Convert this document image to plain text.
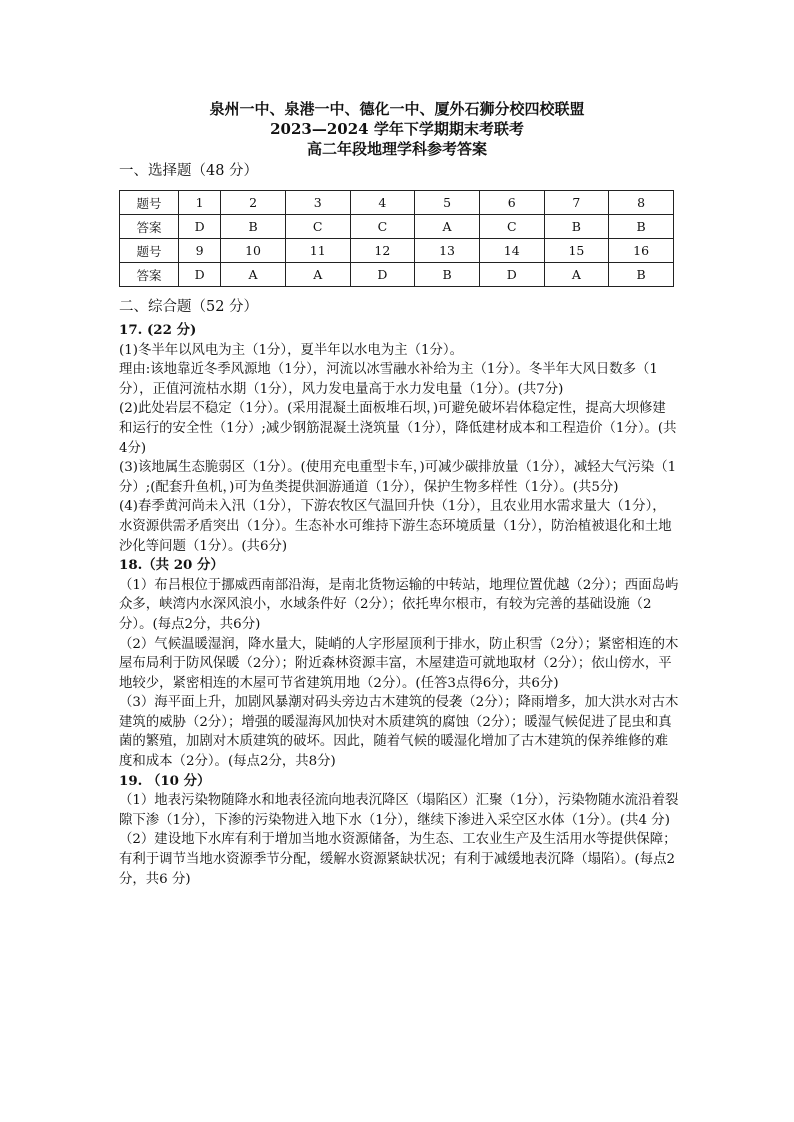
泉州一中、泉港一中、德化一中、厦外石狮分校四校联盟
2023—2024 学年下学期期末考联考
高二年段地理学科参考答案
一、选择题（48 分）
题号	1	2	3	4	5	6	7	8
答案	D	B	C	C	A	C	B	B
题号	9	10	11	12	13	14	15	16
答案	D	A	A	D	B	D	A	B
二、综合题（52 分）

17. (22 分)

(1)冬半年以风电为主（1分），夏半年以水电为主（1分）。

理由:该地靠近冬季风源地（1分），河流以冰雪融水补给为主（1分）。冬半年大风日数多（1分），正值河流枯水期（1分），风力发电量高于水力发电量（1分）。(共7分)

(2)此处岩层不稳定（1分）。(采用混凝土面板堆石坝，)可避免破坏岩体稳定性，提高大坝修建和运行的安全性（1分）;减少钢筋混凝土浇筑量（1分），降低建材成本和工程造价（1分）。(共4分)

(3)该地属生态脆弱区（1分）。(使用充电重型卡车，)可减少碳排放量（1分），减轻大气污染（1分）;(配套升鱼机，)可为鱼类提供洄游通道（1分），保护生物多样性（1分）。(共5分)

(4)春季黄河尚未入汛（1分），下游农牧区气温回升快（1分），且农业用水需求量大（1分），水资源供需矛盾突出（1分）。生态补水可维持下游生态环境质量（1分），防治植被退化和土地沙化等问题（1分）。(共6分)

18.（共 20 分）

（1）布吕根位于挪威西南部沿海，是南北货物运输的中转站，地理位置优越（2分）；西面岛屿众多，峡湾内水深风浪小，水域条件好（2分）；依托卑尔根市，有较为完善的基础设施（2分）。(每点2分，共6分)

（2）气候温暖湿润，降水量大，陡峭的人字形屋顶利于排水，防止积雪（2分）；紧密相连的木屋布局利于防风保暖（2分）；附近森林资源丰富，木屋建造可就地取材（2分）；依山傍水，平地较少，紧密相连的木屋可节省建筑用地（2分）。(任答3点得6分，共6分)

（3）海平面上升，加剧风暴潮对码头旁边古木建筑的侵袭（2分）；降雨增多，加大洪水对古木建筑的威胁（2分）；增强的暖湿海风加快对木质建筑的腐蚀（2分）；暖湿气候促进了昆虫和真菌的繁殖，加剧对木质建筑的破坏。因此，随着气候的暖湿化增加了古木建筑的保养维修的难度和成本（2分）。(每点2分，共8分)

19. （10 分）

（1）地表污染物随降水和地表径流向地表沉降区（塌陷区）汇聚（1分），污染物随水流沿着裂隙下渗（1分），下渗的污染物进入地下水（1分），继续下渗进入采空区水体（1分）。(共4 分)

（2）建设地下水库有利于增加当地水资源储备，为生态、工农业生产及生活用水等提供保障；有利于调节当地水资源季节分配，缓解水资源紧缺状况；有利于减缓地表沉降（塌陷）。(每点2分，共6 分)
